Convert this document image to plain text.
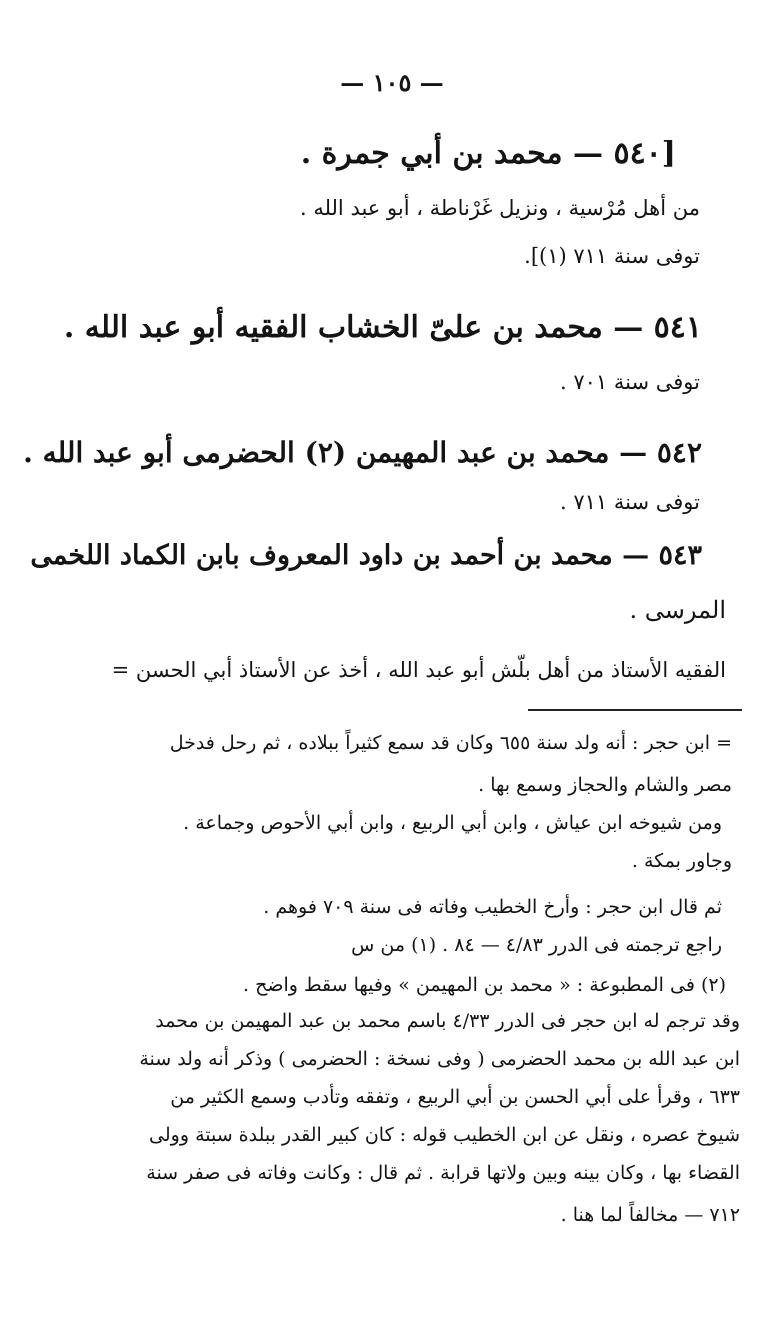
— ١٠٥ —
[٥٤٠ — محمد بن أبي جمرة .
من أهل مُرْسية ، ونزيل غَرْناطة ، أبو عبد الله .
توفى سنة ٧١١ (١)].
٥٤١ — محمد بن علىّ الخشاب الفقيه أبو عبد الله .
توفى سنة ٧٠١ .
٥٤٢ — محمد بن عبد المهيمن (٢) الحضرمى أبو عبد الله .
توفى سنة ٧١١ .
٥٤٣ — محمد بن أحمد بن داود المعروف بابن الكماد اللخمى
المرسى .
الفقيه الأستاذ من أهل بلّش أبو عبد الله ، أخذ عن الأستاذ أبي الحسن =
= ابن حجر : أنه ولد سنة ٦٥٥ وكان قد سمع كثيراً ببلاده ، ثم رحل فدخل
مصر والشام والحجاز وسمع بها .
ومن شيوخه ابن عياش ، وابن أبي الربيع ، وابن أبي الأحوص وجماعة .
وجاور بمكة .
ثم قال ابن حجر : وأرخ الخطيب وفاته فى سنة ٧٠٩ فوهم .
راجع ترجمته فى الدرر ٤/٨٣ — ٨٤ . (١) من س
(٢) فى المطبوعة : « محمد بن المهيمن » وفيها سقط واضح .
وقد ترجم له ابن حجر فى الدرر ٤/٣٣ باسم محمد بن عبد المهيمن بن محمد
ابن عبد الله بن محمد الحضرمى ( وفى نسخة : الحضرمى ) وذكر أنه ولد سنة
٦٣٣ ، وقرأ على أبي الحسن بن أبي الربيع ، وتفقه وتأدب وسمع الكثير من
شيوخ عصره ، ونقل عن ابن الخطيب قوله : كان كبير القدر ببلدة سبتة وولى
القضاء بها ، وكان بينه وبين ولاتها قرابة . ثم قال : وكانت وفاته فى صفر سنة
٧١٢ — مخالفاً لما هنا .
